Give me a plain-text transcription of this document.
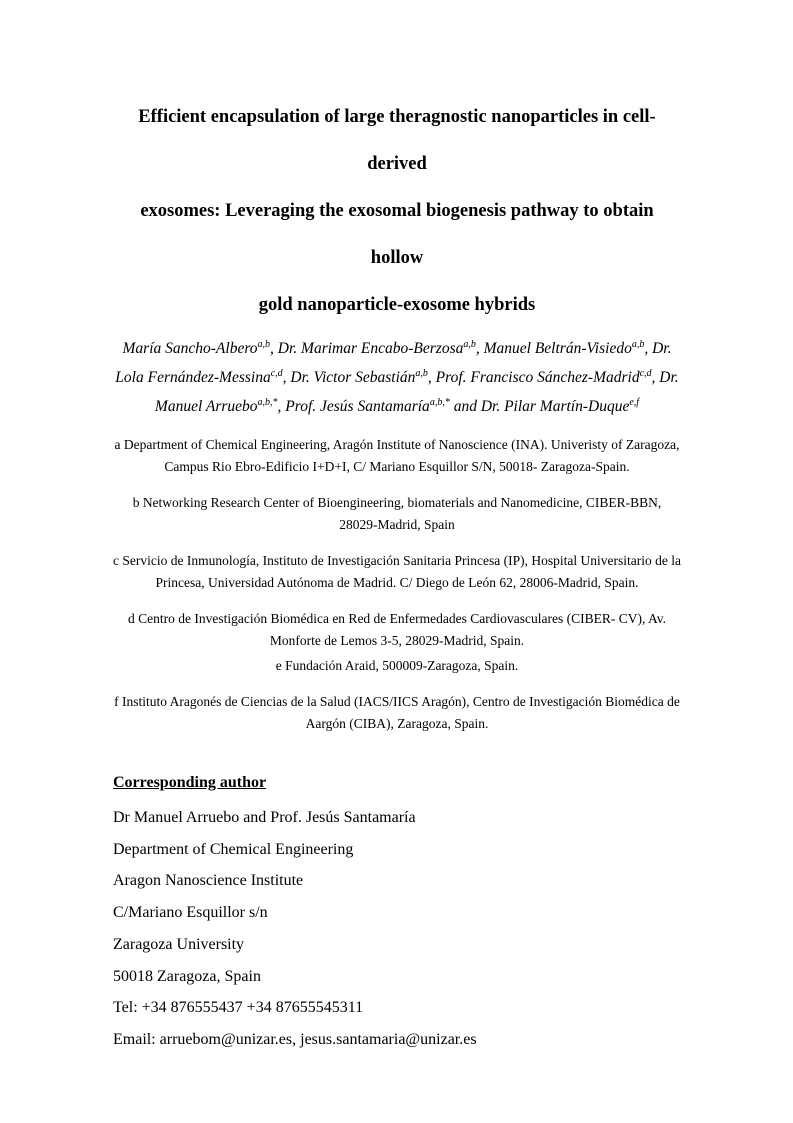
Efficient encapsulation of large theragnostic nanoparticles in cell-derived
exosomes: Leveraging the exosomal biogenesis pathway to obtain hollow
gold nanoparticle-exosome hybrids

María Sancho-Albero$^{a,b}$, Dr. Marimar Encabo-Berzosa$^{a,b}$, Manuel Beltrán-Visiedo$^{a,b}$, Dr. Lola Fernández-Messina$^{c,d}$, Dr. Victor Sebastián$^{a,b}$, Prof. Francisco Sánchez-Madrid$^{c,d}$, Dr. Manuel Arruebo$^{a,b,*}$, Prof. Jesús Santamaría$^{a,b,*}$ and Dr. Pilar Martín-Duque$^{e,f}$

a Department of Chemical Engineering, Aragón Institute of Nanoscience (INA). Univeristy of Zaragoza, Campus Rio Ebro-Edificio I+D+I, C/ Mariano Esquillor S/N, 50018- Zaragoza-Spain.

b Networking Research Center of Bioengineering, biomaterials and Nanomedicine, CIBER-BBN, 28029-Madrid, Spain

c Servicio de Inmunología, Instituto de Investigación Sanitaria Princesa (IP), Hospital Universitario de la Princesa, Universidad Autónoma de Madrid. C/ Diego de León 62, 28006-Madrid, Spain.

d Centro de Investigación Biomédica en Red de Enfermedades Cardiovasculares (CIBER- CV), Av. Monforte de Lemos 3-5, 28029-Madrid, Spain.

e Fundación Araid, 500009-Zaragoza, Spain.

f Instituto Aragonés de Ciencias de la Salud (IACS/IICS Aragón), Centro de Investigación Biomédica de Aargón (CIBA), Zaragoza, Spain.

Corresponding author

Dr Manuel Arruebo and Prof. Jesús Santamaría

Department of Chemical Engineering

Aragon Nanoscience Institute

C/Mariano Esquillor s/n

Zaragoza University

50018 Zaragoza, Spain

Tel: +34 876555437 +34 87655545311

Email: arruebom@unizar.es, jesus.santamaria@unizar.es
